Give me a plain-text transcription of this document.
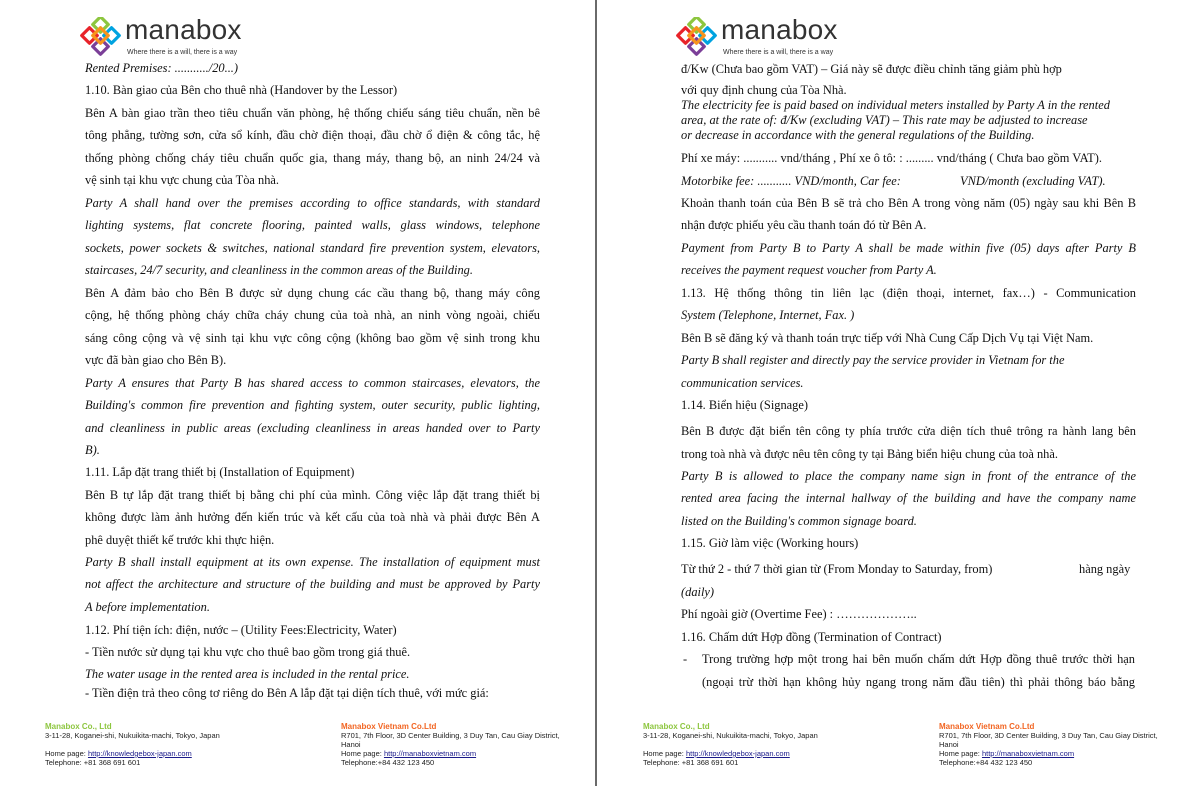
manabox
Where there is a will, there is a way
Rented Premises: .........../20...)
1.10. Bàn giao của Bên cho thuê nhà (Handover by the Lessor)
Bên A bàn giao trần theo tiêu chuẩn văn phòng, hệ thống chiếu sáng tiêu chuẩn, nền bê
tông phẳng, tường sơn, cửa sổ kính, đầu chờ điện thoại, đầu chờ ổ điện & công tắc, hệ
thống phòng chống cháy tiêu chuẩn quốc gia, thang máy, thang bộ, an ninh 24/24 và
vệ sinh tại khu vực chung của Tòa nhà.
Party A shall hand over the premises according to office standards, with standard
lighting systems, flat concrete flooring, painted walls, glass windows, telephone
sockets, power sockets & switches, national standard fire prevention system, elevators,
staircases, 24/7 security, and cleanliness in the common areas of the Building.
Bên A đảm bảo cho Bên B được sử dụng chung các cầu thang bộ, thang máy công
cộng, hệ thống phòng cháy chữa cháy chung của toà nhà, an ninh vòng ngoài, chiếu
sáng công cộng và vệ sinh tại khu vực công cộng (không bao gồm vệ sinh trong khu
vực đã bàn giao cho Bên B).
Party A ensures that Party B has shared access to common staircases, elevators, the
Building's common fire prevention and fighting system, outer security, public lighting,
and cleanliness in public areas (excluding cleanliness in areas handed over to Party
B).
1.11. Lắp đặt trang thiết bị (Installation of Equipment)
Bên B tự lắp đặt trang thiết bị bằng chi phí của mình. Công việc lắp đặt trang thiết bị
không được làm ảnh hưởng đến kiến trúc và kết cấu của toà nhà và phải được Bên A
phê duyệt thiết kế trước khi thực hiện.
Party B shall install equipment at its own expense. The installation of equipment must
not affect the architecture and structure of the building and must be approved by Party
A before implementation.
1.12. Phí tiện ích: điện, nước – (Utility Fees:Electricity, Water)
- Tiền nước sử dụng tại khu vực cho thuê bao gồm trong giá thuê.
The water usage in the rented area is included in the rental price.
- Tiền điện trả theo công tơ riêng do Bên A lắp đặt tại diện tích thuê, với mức giá:
Manabox Co., Ltd
3-11-28, Koganei-shi, Nukuikita-machi, Tokyo, Japan
Home page: http://knowledgebox-japan.com
Telephone: +81 368 691 601
Manabox Vietnam Co.Ltd
R701, 7th Floor, 3D Center Building, 3 Duy Tan, Cau Giay District,
Hanoi
Home page: http://manaboxvietnam.com
Telephone:+84 432 123 450
manabox
Where there is a will, there is a way
đ/Kw (Chưa bao gồm VAT) – Giá này sẽ được điều chỉnh tăng giảm phù hợp
với quy định chung của Tòa Nhà.
The electricity fee is paid based on individual meters installed by Party A in the rented
area, at the rate of: đ/Kw (excluding VAT) – This rate may be adjusted to increase
or decrease in accordance with the general regulations of the Building.
Phí xe máy: ........... vnd/tháng , Phí xe ô tô: : ......... vnd/tháng ( Chưa bao gồm VAT).
Motorbike fee: ........... VND/month, Car fee:	VND/month (excluding VAT).
Khoản thanh toán của Bên B sẽ trả cho Bên A trong vòng năm (05) ngày sau khi Bên B
nhận được phiếu yêu cầu thanh toán đó từ Bên A.
Payment from Party B to Party A shall be made within five (05) days after Party B
receives the payment request voucher from Party A.
1.13. Hệ thống thông tin liên lạc (điện thoại, internet, fax…) - Communication
System (Telephone, Internet, Fax. )
Bên B sẽ đăng ký và thanh toán trực tiếp với Nhà Cung Cấp Dịch Vụ tại Việt Nam.
Party B shall register and directly pay the service provider in Vietnam for the
communication services.
1.14. Biển hiệu (Signage)
Bên B được đặt biển tên công ty phía trước cửa diện tích thuê trông ra hành lang bên
trong toà nhà và được nêu tên công ty tại Bảng biển hiệu chung của toà nhà.
Party B is allowed to place the company name sign in front of the entrance of the
rented area facing the internal hallway of the building and have the company name
listed on the Building's common signage board.
1.15. Giờ làm việc (Working hours)
Từ thứ 2 - thứ 7 thời gian từ (From Monday to Saturday, from)	hàng ngày
(daily)
Phí ngoài giờ (Overtime Fee) : ………………..
1.16. Chấm dứt Hợp đồng (Termination of Contract)
- Trong trường hợp một trong hai bên muốn chấm dứt Hợp đồng thuê trước thời hạn
(ngoại trừ thời hạn không hủy ngang trong năm đầu tiên) thì phải thông báo bằng
Manabox Co., Ltd
3-11-28, Koganei-shi, Nukuikita-machi, Tokyo, Japan
Home page: http://knowledgebox-japan.com
Telephone: +81 368 691 601
Manabox Vietnam Co.Ltd
R701, 7th Floor, 3D Center Building, 3 Duy Tan, Cau Giay District,
Hanoi
Home page: http://manaboxvietnam.com
Telephone:+84 432 123 450
